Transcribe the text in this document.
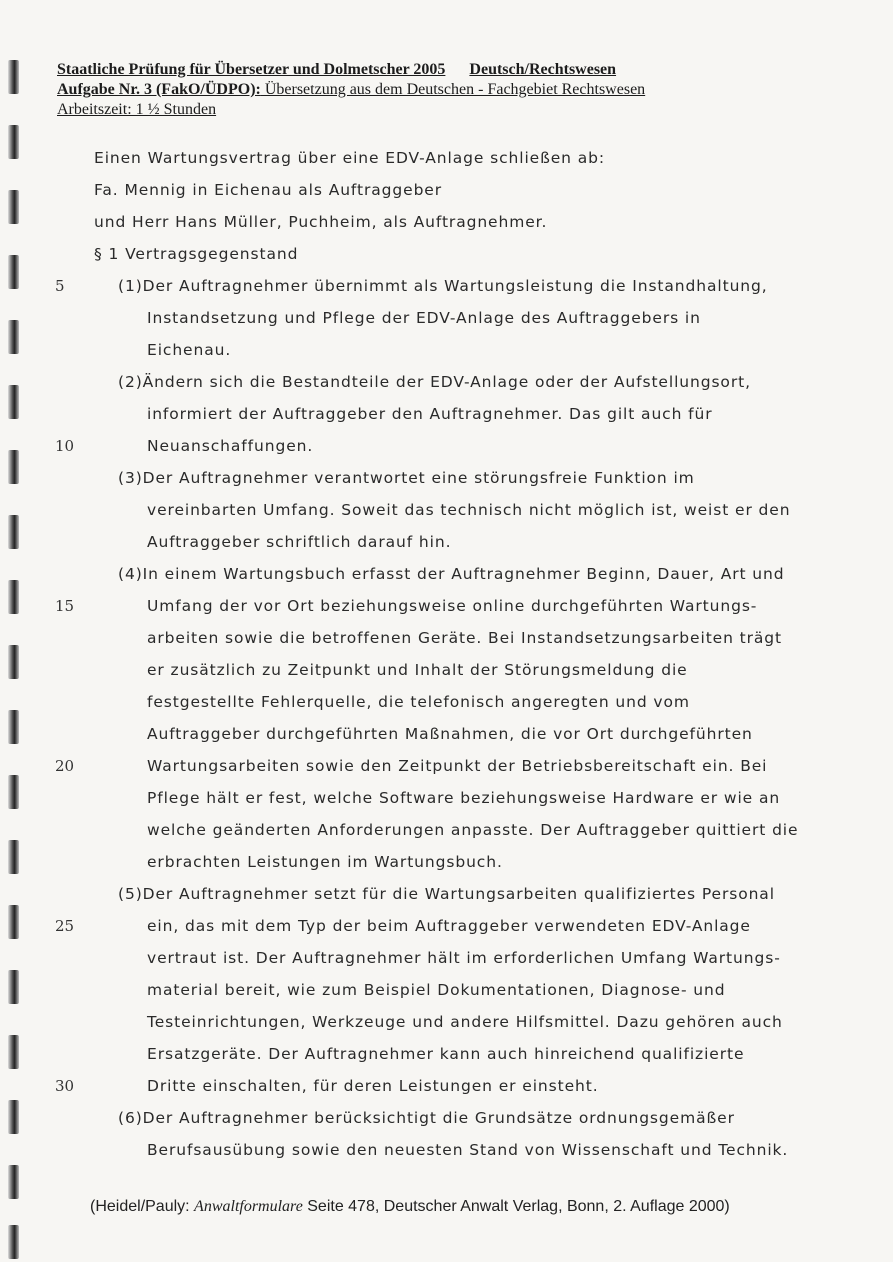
Staatliche Prüfung für Übersetzer und Dolmetscher 2005 Deutsch/Rechtswesen
Aufgabe Nr. 3 (FakO/ÜDPO): Übersetzung aus dem Deutschen - Fachgebiet Rechtswesen
Arbeitszeit: 1 ½ Stunden
Einen Wartungsvertrag über eine EDV-Anlage schließen ab:
Fa. Mennig in Eichenau als Auftraggeber
und Herr Hans Müller, Puchheim, als Auftragnehmer.
§ 1 Vertragsgegenstand
(1)Der Auftragnehmer übernimmt als Wartungsleistung die Instandhaltung,
Instandsetzung und Pflege der EDV-Anlage des Auftraggebers in
Eichenau.
(2)Ändern sich die Bestandteile der EDV-Anlage oder der Aufstellungsort,
informiert der Auftraggeber den Auftragnehmer. Das gilt auch für
Neuanschaffungen.
(3)Der Auftragnehmer verantwortet eine störungsfreie Funktion im
vereinbarten Umfang. Soweit das technisch nicht möglich ist, weist er den
Auftraggeber schriftlich darauf hin.
(4)In einem Wartungsbuch erfasst der Auftragnehmer Beginn, Dauer, Art und
Umfang der vor Ort beziehungsweise online durchgeführten Wartungs-
arbeiten sowie die betroffenen Geräte. Bei Instandsetzungsarbeiten trägt
er zusätzlich zu Zeitpunkt und Inhalt der Störungsmeldung die
festgestellte Fehlerquelle, die telefonisch angeregten und vom
Auftraggeber durchgeführten Maßnahmen, die vor Ort durchgeführten
Wartungsarbeiten sowie den Zeitpunkt der Betriebsbereitschaft ein. Bei
Pflege hält er fest, welche Software beziehungsweise Hardware er wie an
welche geänderten Anforderungen anpasste. Der Auftraggeber quittiert die
erbrachten Leistungen im Wartungsbuch.
(5)Der Auftragnehmer setzt für die Wartungsarbeiten qualifiziertes Personal
ein, das mit dem Typ der beim Auftraggeber verwendeten EDV-Anlage
vertraut ist. Der Auftragnehmer hält im erforderlichen Umfang Wartungs-
material bereit, wie zum Beispiel Dokumentationen, Diagnose- und
Testeinrichtungen, Werkzeuge und andere Hilfsmittel. Dazu gehören auch
Ersatzgeräte. Der Auftragnehmer kann auch hinreichend qualifizierte
Dritte einschalten, für deren Leistungen er einsteht.
(6)Der Auftragnehmer berücksichtigt die Grundsätze ordnungsgemäßer
Berufsausübung sowie den neuesten Stand von Wissenschaft und Technik.
5
10
15
20
25
30
(Heidel/Pauly: Anwaltformulare Seite 478, Deutscher Anwalt Verlag, Bonn, 2. Auflage 2000)
